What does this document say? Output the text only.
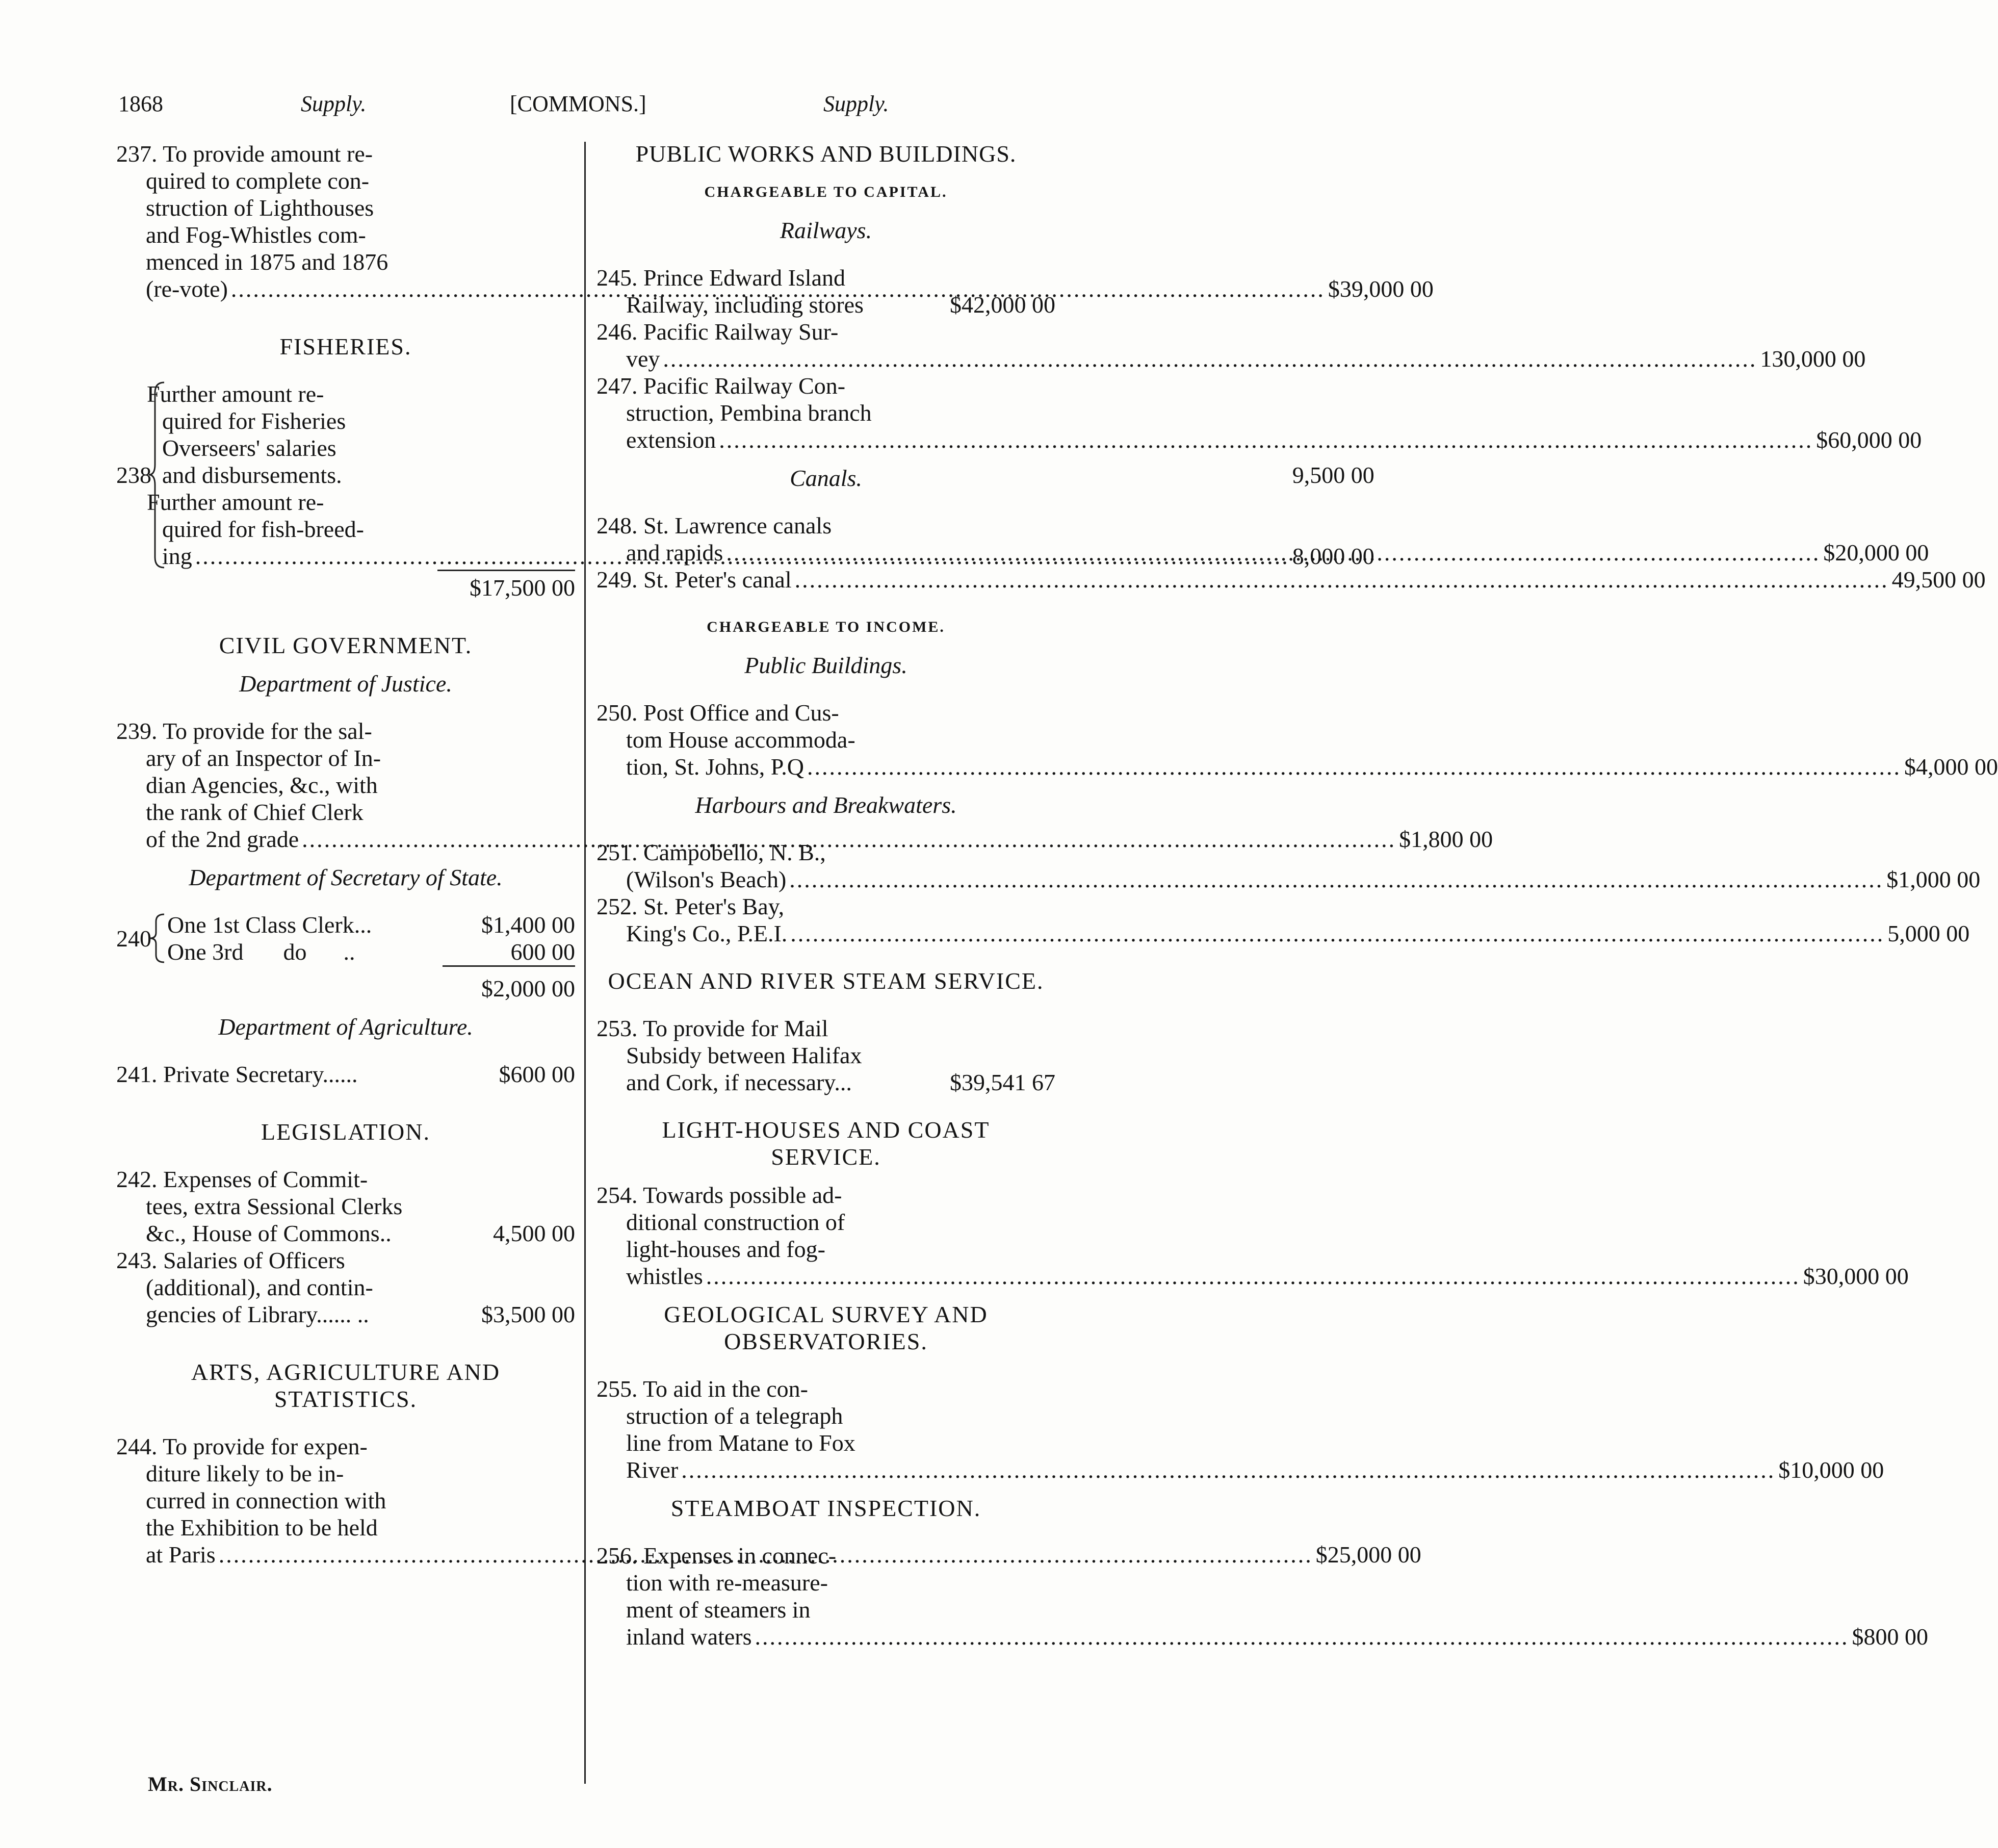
1868	Supply.	[COMMONS.]	Supply.
237. To provide amount re-
quired to complete con-
struction of Lighthouses
and Fog-Whistles com-
menced in 1875 and 1876
(re-vote) .....	$39,000 00
FISHERIES.
238
Further amount re-
quired for Fisheries
Overseers' salaries
and disbursements.	9,500 00
Further amount re-
quired for fish-breed-
ing .....	8,000 00
$17,500 00
CIVIL GOVERNMENT.
Department of Justice.
239. To provide for the sal-
ary of an Inspector of In-
dian Agencies, &c., with
the rank of Chief Clerk
of the 2nd grade .....	$1,800 00
Department of Secretary of State.
240
One 1st Class Clerk...	$1,400 00
One 3rd do ..	600 00
$2,000 00
Department of Agriculture.
241. Private Secretary......	$600 00
LEGISLATION.
242. Expenses of Commit-
tees, extra Sessional Clerks
&c., House of Commons..	4,500 00
243. Salaries of Officers
(additional), and contin-
gencies of Library...... ..	$3,500 00
ARTS, AGRICULTURE AND STATISTICS.
244. To provide for expen-
diture likely to be in-
curred in connection with
the Exhibition to be held
at Paris .....	$25,000 00
Mr. Sinclair.
PUBLIC WORKS AND BUILDINGS.
CHARGEABLE TO CAPITAL.
Railways.
245. Prince Edward Island
Railway, including stores	$42,000 00
246. Pacific Railway Sur-
vey .....	130,000 00
247. Pacific Railway Con-
struction, Pembina branch
extension .....	$60,000 00
Canals.
248. St. Lawrence canals
and rapids .....	$20,000 00
249. St. Peter's canal .....	49,500 00
CHARGEABLE TO INCOME.
Public Buildings.
250. Post Office and Cus-
tom House accommoda-
tion, St. Johns, P.Q .....	$4,000 00
Harbours and Breakwaters.
251. Campobello, N. B.,
(Wilson's Beach) .....	$1,000 00
252. St. Peter's Bay,
King's Co., P.E.I. .....	5,000 00
OCEAN AND RIVER STEAM SERVICE.
253. To provide for Mail
Subsidy between Halifax
and Cork, if necessary...	$39,541 67
LIGHT-HOUSES AND COAST SERVICE.
254. Towards possible ad-
ditional construction of
light-houses and fog-
whistles .....	$30,000 00
GEOLOGICAL SURVEY AND OBSERVATORIES.
255. To aid in the con-
struction of a telegraph
line from Matane to Fox
River .....	$10,000 00
STEAMBOAT INSPECTION.
256. Expenses in connec-
tion with re-measure-
ment of steamers in
inland waters .....	$800 00
